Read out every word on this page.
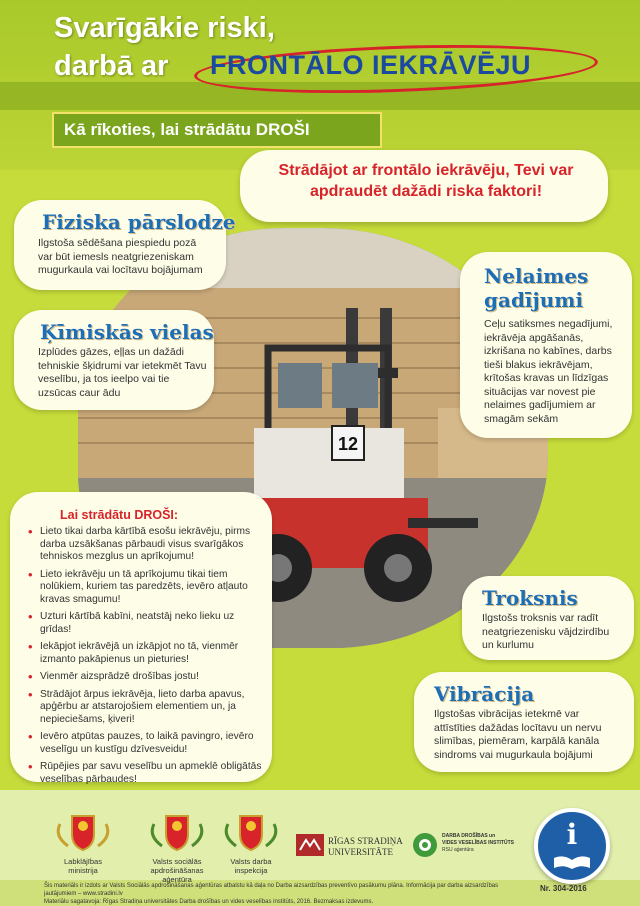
Svarīgākie riski,
darbā ar FRONTĀLO IEKRĀVĒJU
Kā rīkoties, lai strādātu DROŠI
12
Strādājot ar frontālo iekrāvēju, Tevi var apdraudēt dažādi riska faktori!
Fiziska pārslodze
Ilgstoša sēdēšana piespiedu pozā var būt iemesls neatgriezeniskam mugurkaula vai locītavu bojājumam
Ķīmiskās vielas
Izplūdes gāzes, eļļas un dažādi tehniskie šķidrumi var ietekmēt Tavu veselību, ja tos ieelpo vai tie uzsūcas caur ādu
Nelaimes
gadījumi
Ceļu satiksmes negadījumi, iekrāvēja apgāšanās, izkrišana no kabīnes, darbs tieši blakus iekrāvējam, krītošas kravas un līdzīgas situācijas var novest pie nelaimes gadījumiem ar smagām sekām
Troksnis
Ilgstošs troksnis var radīt neatgriezenisku vājdzirdību un kurlumu
Vibrācija
Ilgstošas vibrācijas ietekmē var attīstīties dažādas locītavu un nervu slimības, piemēram, karpālā kanāla sindroms vai mugurkaula bojājumi
Lai strādātu DROŠI:
• Lieto tikai darba kārtībā esošu iekrāvēju, pirms darba uzsākšanas pārbaudi visus svarīgākos tehniskos mezglus un aprīkojumu!
• Lieto iekrāvēju un tā aprīkojumu tikai tiem nolūkiem, kuriem tas paredzēts, ievēro atļauto kravas smagumu!
• Uzturi kārtībā kabīni, neatstāj neko lieku uz grīdas!
• Iekāpjot iekrāvējā un izkāpjot no tā, vienmēr izmanto pakāpienus un pieturies!
• Vienmēr aizsprādzē drošības jostu!
• Strādājot ārpus iekrāvēja, lieto darba apavus, apģērbu ar atstarojošiem elementiem un, ja nepieciešams, ķiveri!
• Ievēro atpūtas pauzes, to laikā pavingro, ievēro veselīgu un kustīgu dzīvesveidu!
• Rūpējies par savu veselību un apmeklē obligātās veselības pārbaudes!
Labklājības ministrija
Valsts sociālās
apdrošināšanas aģentūra
Valsts darba
inspekcija
RĪGAS STRADIŅA
UNIVERSITĀTE
DARBA DROŠĪBAS un
VIDES VESELĪBAS INSTITŪTS
RSU aģentūra	i
Šis materiāls ir izdots ar Valsts Sociālās apdrošināšanas aģentūras atbalstu kā daļa no Darba aizsardzības preventīvo pasākumu plāna. Informācija par darba aizsardzības jautājumiem – www.stradini.lv
Materiālu sagatavoja: Rīgas Stradiņa universitātes Darba drošības un vides veselības institūts, 2016. Bezmaksas izdevums.
Nr. 304-2016
